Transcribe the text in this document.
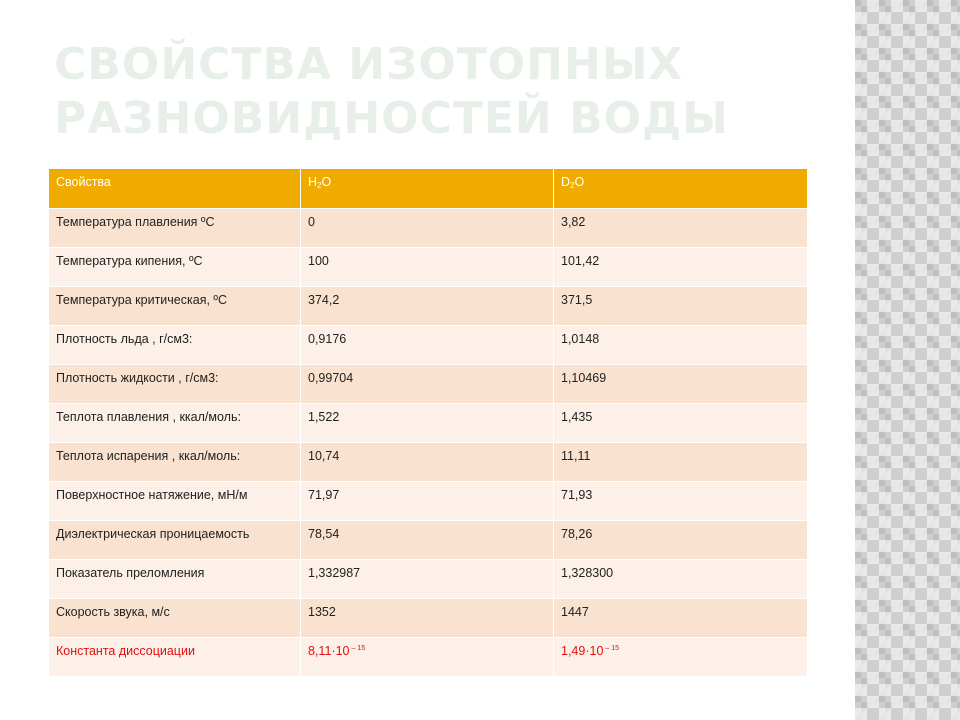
СВОЙСТВА ИЗОТОПНЫХ РАЗНОВИДНОСТЕЙ ВОДЫ
Свойства	$H_2O$	$D_2O$
Температура плавления ºС	0	3,82
Температура кипения, ºС	100	101,42
Температура критическая, ºС	374,2	371,5
Плотность льда , г/см3:	0,9176	1,0148
Плотность жидкости , г/см3:	0,99704	1,10469
Теплота плавления , ккал/моль:	1,522	1,435
Теплота испарения , ккал/моль:	10,74	11,11
Поверхностное натяжение, мН/м	71,97	71,93
Диэлектрическая проницаемость	78,54	78,26
Показатель преломления	1,332987	1,328300
Скорость звука, м/с	1352	1447
Константа диссоциации	8,11·10 $^{- 15}$	1,49·10 $^{- 15}$
